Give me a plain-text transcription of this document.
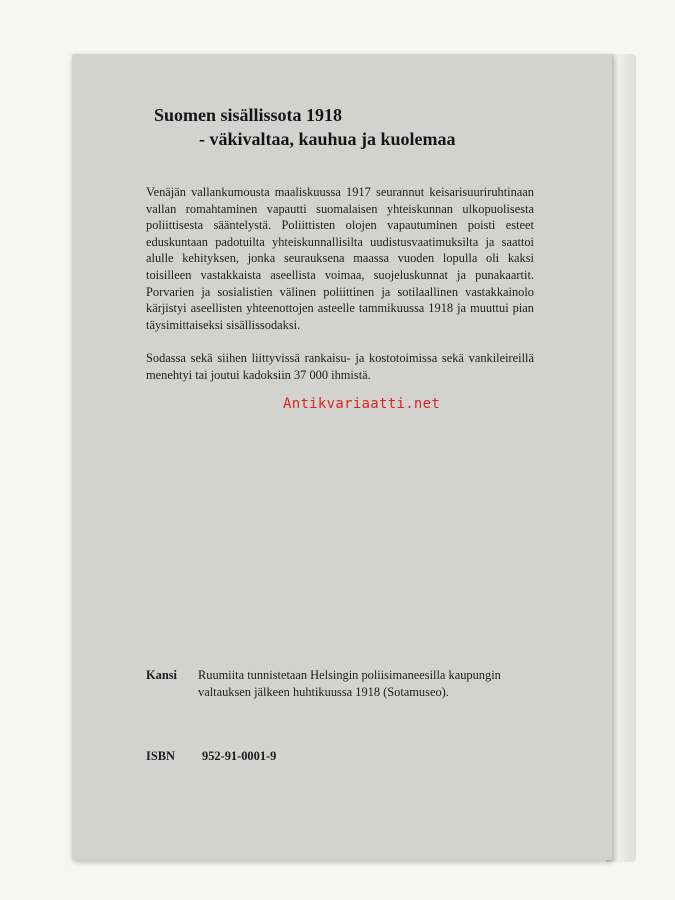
Suomen sisällissota 1918
- väkivaltaa, kauhua ja kuolemaa

Venäjän vallankumousta maaliskuussa 1917 seurannut keisarisuuriruhtinaan vallan romahtaminen vapautti suomalaisen yhteiskunnan ulkopuolisesta poliittisesta sääntelystä. Poliittisten olojen vapautuminen poisti esteet eduskuntaan padotuilta yhteiskunnallisilta uudistusvaatimuksilta ja saattoi alulle kehityksen, jonka seurauksena maassa vuoden lopulla oli kaksi toisilleen vastakkaista aseellista voimaa, suojeluskunnat ja punakaartit. Porvarien ja sosialistien välinen poliittinen ja sotilaallinen vastakkainolo kärjistyi aseellisten yhteenottojen asteelle tammikuussa 1918 ja muuttui pian täysimittaiseksi sisällissodaksi.

Sodassa sekä siihen liittyvissä rankaisu- ja kostotoimissa sekä vankileireillä menehtyi tai joutui kadoksiin 37 000 ihmistä.

Antikvariaatti.net
Kansi Ruumiita tunnistetaan Helsingin poliisimaneesilla kaupungin valtauksen jälkeen huhtikuussa 1918 (Sotamuseo).
ISBN 952-91-0001-9
